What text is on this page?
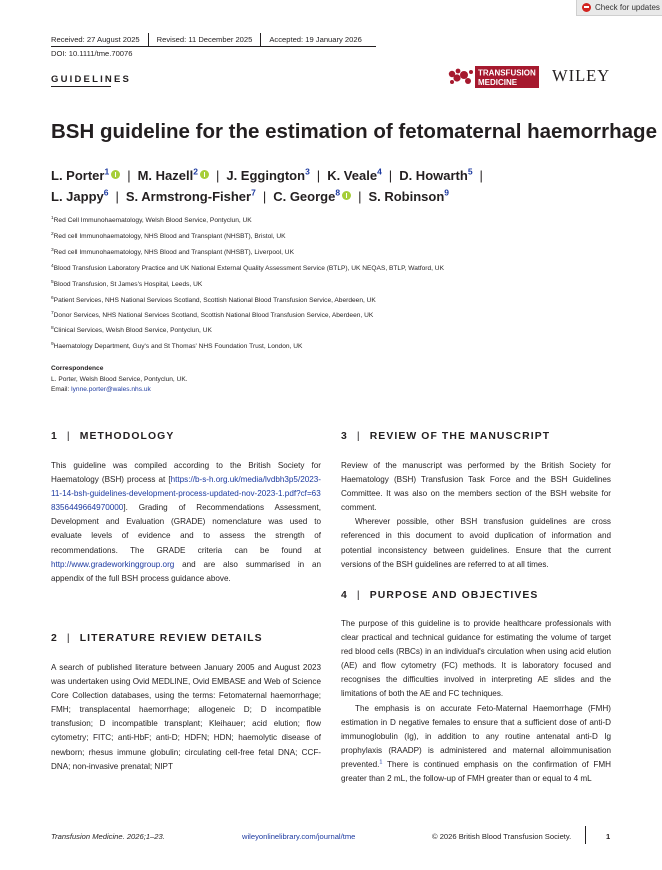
Check for updates
Received: 27 August 2025 Revised: 11 December 2025 Accepted: 19 January 2026
DOI: 10.1111/tme.70076
GUIDELINES
TRANSFUSION
MEDICINE WILEY
BSH guideline for the estimation of fetomaternal haemorrhage
L. Porter$^1$ | M. Hazell$^2$ | J. Eggington$^3$ | K. Veale$^4$ | D. Howarth$^5$ |
L. Jappy$^6$ | S. Armstrong-Fisher$^7$ | C. George$^8$ | S. Robinson$^9$
$^1$Red Cell Immunohaematology, Welsh Blood Service, Pontyclun, UK
$^2$Red cell Immunohaematology, NHS Blood and Transplant (NHSBT), Bristol, UK
$^3$Red cell Immunohaematology, NHS Blood and Transplant (NHSBT), Liverpool, UK
$^4$Blood Transfusion Laboratory Practice and UK National External Quality Assessment Service (BTLP), UK NEQAS, BTLP, Watford, UK
$^5$Blood Transfusion, St James's Hospital, Leeds, UK
$^6$Patient Services, NHS National Services Scotland, Scottish National Blood Transfusion Service, Aberdeen, UK
$^7$Donor Services, NHS National Services Scotland, Scottish National Blood Transfusion Service, Aberdeen, UK
$^8$Clinical Services, Welsh Blood Service, Pontyclun, UK
$^9$Haematology Department, Guy's and St Thomas' NHS Foundation Trust, London, UK
Correspondence
L. Porter, Welsh Blood Service, Pontyclun, UK.
Email: lynne.porter@wales.nhs.uk
1 | METHODOLOGY

This guideline was compiled according to the British Society for Haematology (BSH) process at [https://b-s-h.org.uk/media/lvdbh3p5/2023-11-14-bsh-guidelines-development-process-updated-nov-2023-1.pdf?cf=638356449664970000]. Grading of Recommendations Assessment, Development and Evaluation (GRADE) nomenclature was used to evaluate levels of evidence and to assess the strength of recommendations. The GRADE criteria can be found at http://www.gradeworkinggroup.org and are also summarised in an appendix of the full BSH process guidance above.

2 | LITERATURE REVIEW DETAILS

A search of published literature between January 2005 and August 2023 was undertaken using Ovid MEDLINE, Ovid EMBASE and Web of Science Core Collection databases, using the terms: Fetomaternal haemorrhage; FMH; transplacental haemorrhage; allogeneic D; D incompatible transfusion; D incompatible transplant; Kleihauer; acid elution; flow cytometry; FITC; anti-HbF; anti-D; HDFN; HDN; haemolytic disease of newborn; rhesus immune globulin; circulating cell-free fetal DNA; CCF-DNA; non-invasive prenatal; NIPT

3 | REVIEW OF THE MANUSCRIPT

Review of the manuscript was performed by the British Society for Haematology (BSH) Transfusion Task Force and the BSH Guidelines Committee. It was also on the members section of the BSH website for comment.

Wherever possible, other BSH transfusion guidelines are cross referenced in this document to avoid duplication of information and potential inconsistency between guidelines. Ensure that the current versions of the BSH guidelines are referred to at all times.

4 | PURPOSE AND OBJECTIVES

The purpose of this guideline is to provide healthcare professionals with clear practical and technical guidance for estimating the volume of target red blood cells (RBCs) in an individual's circulation when using acid elution (AE) and flow cytometry (FC) methods. It is laboratory focused and recognises the difficulties involved in interpreting AE slides and the limitations of both the AE and FC techniques.

The emphasis is on accurate Feto-Maternal Haemorrhage (FMH) estimation in D negative females to ensure that a sufficient dose of anti-D immunoglobulin (Ig), in addition to any routine antenatal anti-D Ig prophylaxis (RAADP) is administered and maternal alloimmunisation prevented.$^1$ There is continued emphasis on the confirmation of FMH greater than 2 mL, the follow-up of FMH greater than or equal to 4 mL

Transfusion Medicine. 2026;1–23.	wileyonlinelibrary.com/journal/tme	© 2026 British Blood Transfusion Society.	1
